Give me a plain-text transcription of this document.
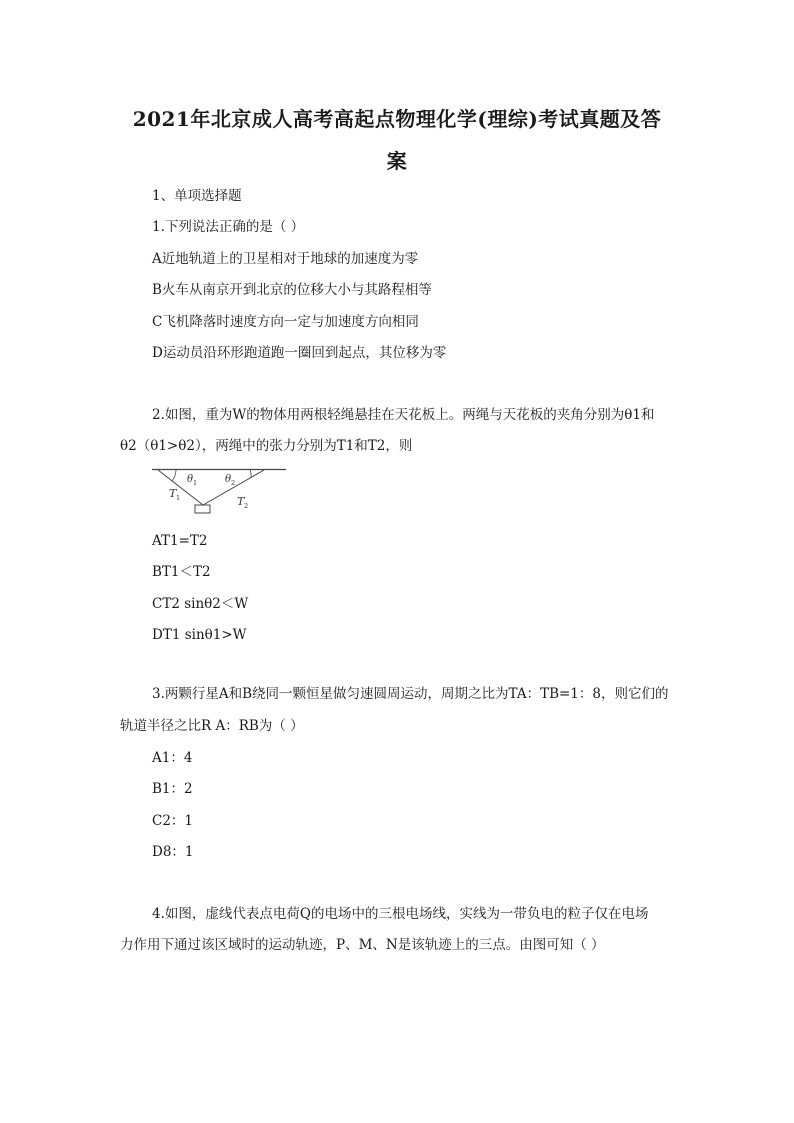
2021年北京成人高考高起点物理化学(理综)考试真题及答
案
1、单项选择题
1.下列说法正确的是（ ）
A近地轨道上的卫星相对于地球的加速度为零
B火车从南京开到北京的位移大小与其路程相等
C飞机降落时速度方向一定与加速度方向相同
D运动员沿环形跑道跑一圈回到起点，其位移为零
2.如图，重为W的物体用两根轻绳悬挂在天花板上。两绳与天花板的夹角分别为θ1和
θ2（θ1>θ2），两绳中的张力分别为T1和T2，则
θ 1	θ 2
T 1	T 2
AT1=T2
BT1＜T2
CT2 sinθ2＜W
DT1 sinθ1>W
3.两颗行星A和B绕同一颗恒星做匀速圆周运动，周期之比为TA：TB=1：8，则它们的
轨道半径之比R A：RB为（ ）
A1：4
B1：2
C2：1
D8：1
4.如图，虚线代表点电荷Q的电场中的三根电场线，实线为一带负电的粒子仅在电场
力作用下通过该区域时的运动轨迹，P、M、N是该轨迹上的三点。由图可知（ ）
